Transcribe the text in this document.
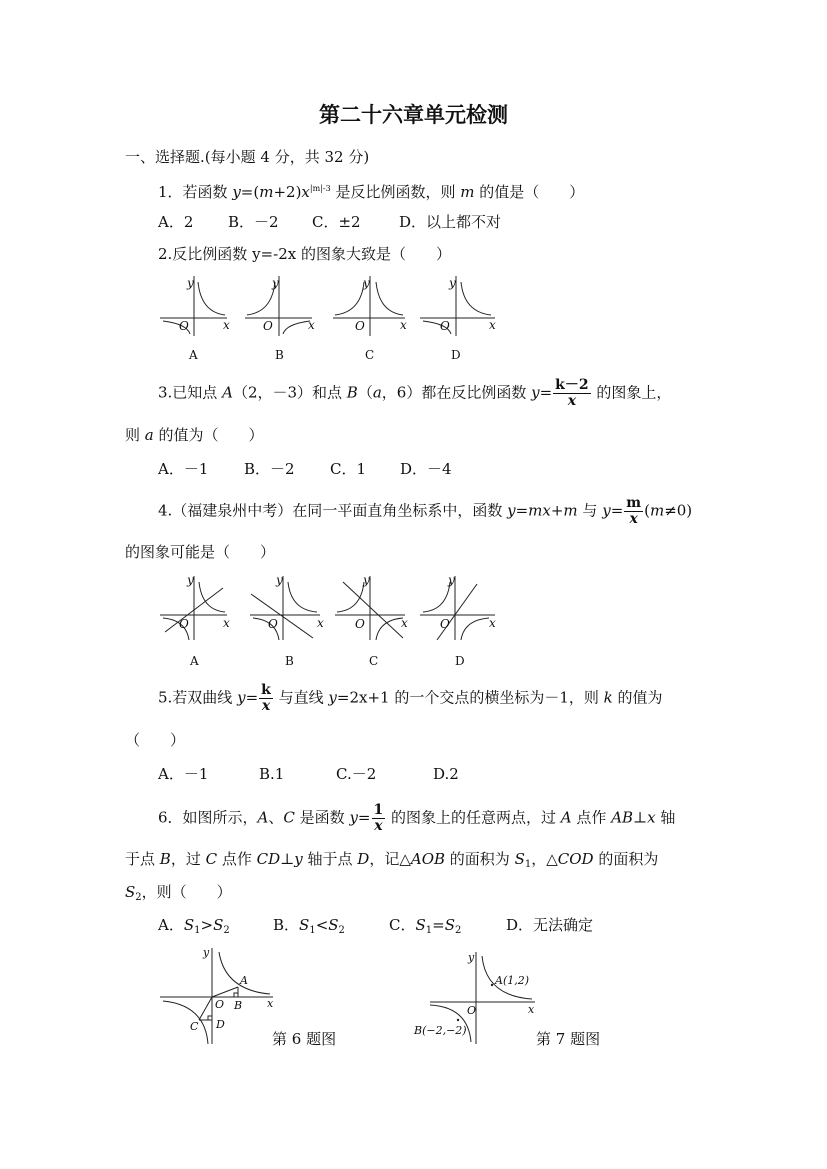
第二十六章单元检测
一、选择题.(每小题 4 分，共 32 分)
1．若函数 $y=(m+2)x^{|m|-3}$ 是反比例函数，则 m 的值是（　　）
A．2 B．－2 C．±2	D．以上都不对
2.反比例函数 y=-2x 的图象大致是（　　）
y
O	x
y
O	x
y
O	x
y
O	x
A	B	C	D
3.已知点 A（2，－3）和点 B（a，6）都在反比例函数 $y= \frac{k-2}{x}$ 的图象上，
则 a 的值为（　　）
A．－1 B．－2 C．1 D．－4
4.（福建泉州中考）在同一平面直角坐标系中，函数 y=mx+m 与 $y= \frac{m}{x} (m\ne 0)$
的图象可能是（　　）
y
O	x
y
O	x
y
O	x
y
O	x
A	B	C	D
5.若双曲线 $y= \frac{k}{x}$ 与直线 y=2x+1 的一个交点的横坐标为－1，则 k 的值为
（　　）
A．－1	B.1	C.－2	D.2
6．如图所示，A、C 是函数 $y= \frac{1}{x}$ 的图象上的任意两点，过 A 点作 AB⊥x 轴
于点 B，过 C 点作 CD⊥y 轴于点 D，记△AOB 的面积为 $S_1$，△COD 的面积为
$S_2$，则（　　）
A．$S_1>S_2$	B．$S_1<S_2$	C．$S_1=S_2$	D．无法确定
y
O	x
A
B
C D
第 6 题图
y
O	x
A(1,2)
B(−2,−2)	第 7 题图
